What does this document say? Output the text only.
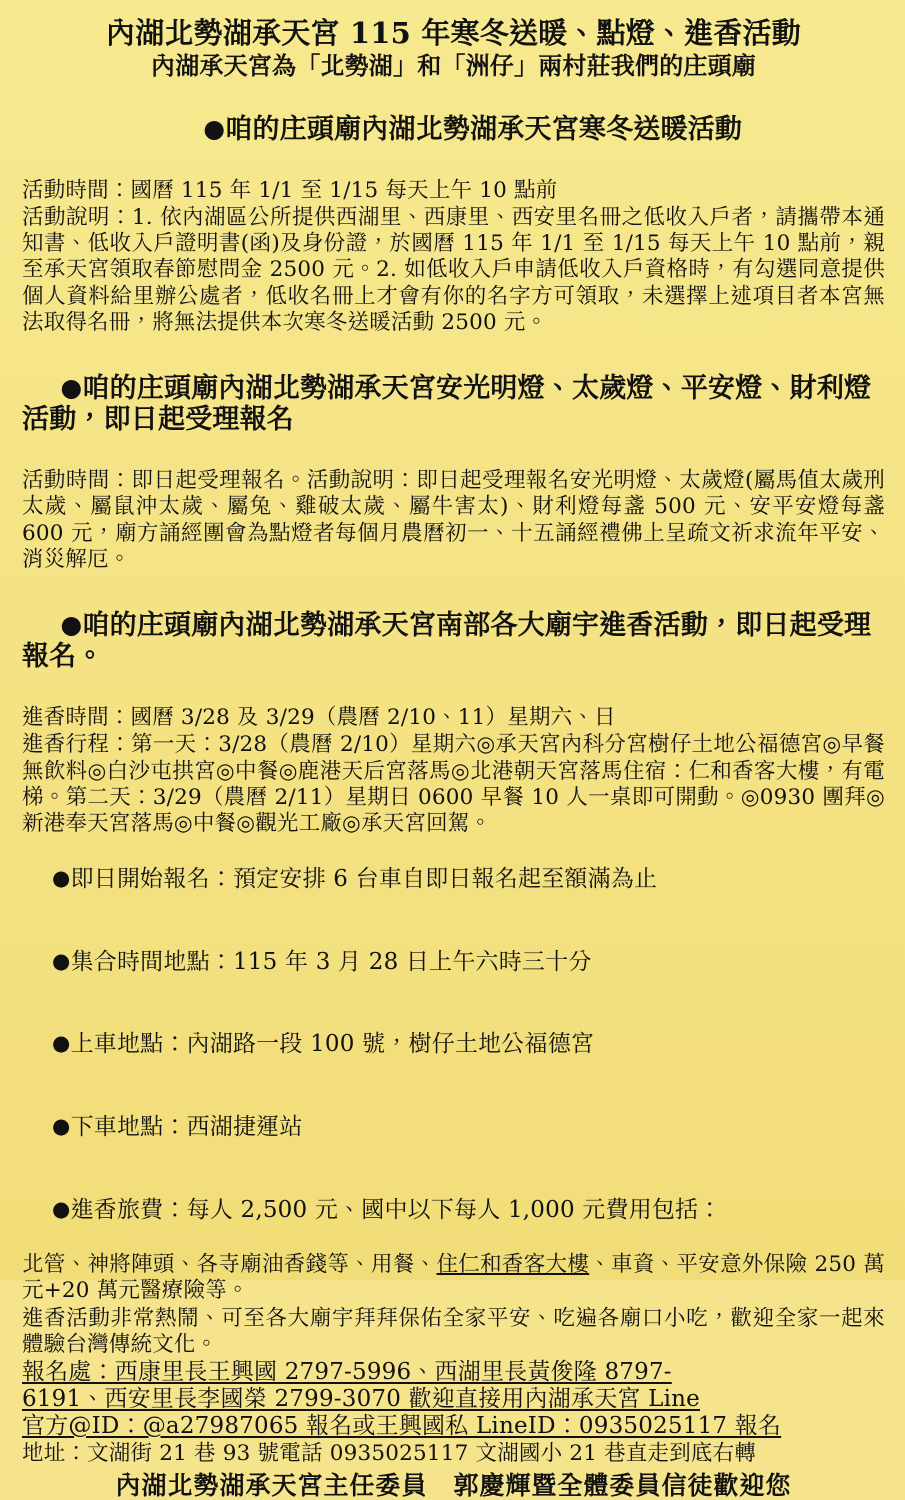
內湖北勢湖承天宮 115 年寒冬送暖、點燈、進香活動
內湖承天宮為「北勢湖」和「洲仔」兩村莊我們的庄頭廟

●咱的庄頭廟內湖北勢湖承天宮寒冬送暖活動

活動時間：國曆 115 年 1/1 至 1/15 每天上午 10 點前
活動說明：1. 依內湖區公所提供西湖里、西康里、西安里名冊之低收入戶者，請攜帶本通知書、低收入戶證明書(函)及身份證，於國曆 115 年 1/1 至 1/15 每天上午 10 點前，親至承天宮領取春節慰問金 2500 元。2. 如低收入戶申請低收入戶資格時，有勾選同意提供個人資料給里辦公處者，低收名冊上才會有你的名字方可領取，未選擇上述項目者本宮無法取得名冊，將無法提供本次寒冬送暖活動 2500 元。

●咱的庄頭廟內湖北勢湖承天宮安光明燈、太歲燈、平安燈、財利燈活動，即日起受理報名

活動時間：即日起受理報名。活動說明：即日起受理報名安光明燈、太歲燈(屬馬值太歲刑太歲、屬鼠沖太歲、屬兔、雞破太歲、屬牛害太)、財利燈每盞 500 元、安平安燈每盞 600 元，廟方誦經團會為點燈者每個月農曆初一、十五誦經禮佛上呈疏文祈求流年平安、消災解厄。

●咱的庄頭廟內湖北勢湖承天宮南部各大廟宇進香活動，即日起受理報名。

進香時間：國曆 3/28 及 3/29（農曆 2/10、11）星期六、日
進香行程：第一天：3/28（農曆 2/10）星期六◎承天宮內科分宮樹仔土地公福德宮◎早餐無飲料◎白沙屯拱宮◎中餐◎鹿港天后宮落馬◎北港朝天宮落馬住宿：仁和香客大樓，有電梯。第二天：3/29（農曆 2/11）星期日 0600 早餐 10 人一桌即可開動。◎0930 團拜◎新港奉天宮落馬◎中餐◎觀光工廠◎承天宮回駕。

●即日開始報名：預定安排 6 台車自即日報名起至額滿為止

●集合時間地點：115 年 3 月 28 日上午六時三十分

●上車地點：內湖路一段 100 號，樹仔土地公福德宮

●下車地點：西湖捷運站

●進香旅費：每人 2,500 元、國中以下每人 1,000 元費用包括：

北管、神將陣頭、各寺廟油香錢等、用餐、住仁和香客大樓、車資、平安意外保險 250 萬元+20 萬元醫療險等。
進香活動非常熱鬧、可至各大廟宇拜拜保佑全家平安、吃遍各廟口小吃，歡迎全家一起來體驗台灣傳統文化。
報名處：西康里長王興國 2797-5996、西湖里長黃俊隆 8797-
6191、西安里長李國榮 2799-3070 歡迎直接用內湖承天宮 Line
官方@ID：@a27987065 報名或王興國私 LineID：0935025117 報名
地址：文湖街 21 巷 93 號電話 0935025117 文湖國小 21 巷直走到底右轉
內湖北勢湖承天宮主任委員　郭慶輝暨全體委員信徒歡迎您
